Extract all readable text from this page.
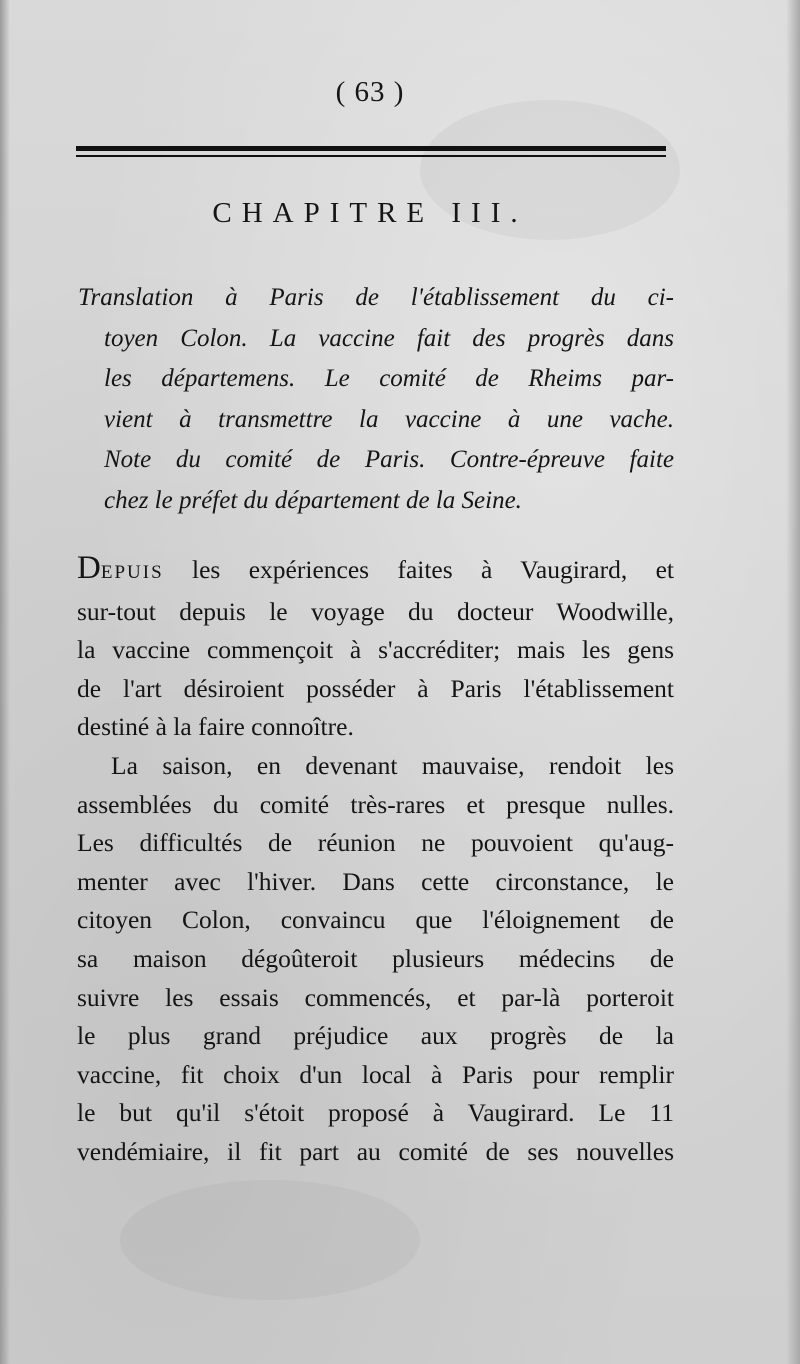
( 63 )
CHAPITRE III.
Translation à Paris de l'établissement du ci-
toyen Colon. La vaccine fait des progrès dans
les départemens. Le comité de Rheims par-
vient à transmettre la vaccine à une vache.
Note du comité de Paris. Contre-épreuve faite
chez le préfet du département de la Seine.
DEPUIS les expériences faites à Vaugirard, et
sur-tout depuis le voyage du docteur Woodwille,
la vaccine commençoit à s'accréditer; mais les gens
de l'art désiroient posséder à Paris l'établissement
destiné à la faire connoître.
La saison, en devenant mauvaise, rendoit les
assemblées du comité très-rares et presque nulles.
Les difficultés de réunion ne pouvoient qu'aug-
menter avec l'hiver. Dans cette circonstance, le
citoyen Colon, convaincu que l'éloignement de
sa maison dégoûteroit plusieurs médecins de
suivre les essais commencés, et par-là porteroit
le plus grand préjudice aux progrès de la
vaccine, fit choix d'un local à Paris pour remplir
le but qu'il s'étoit proposé à Vaugirard. Le 11
vendémiaire, il fit part au comité de ses nouvelles
